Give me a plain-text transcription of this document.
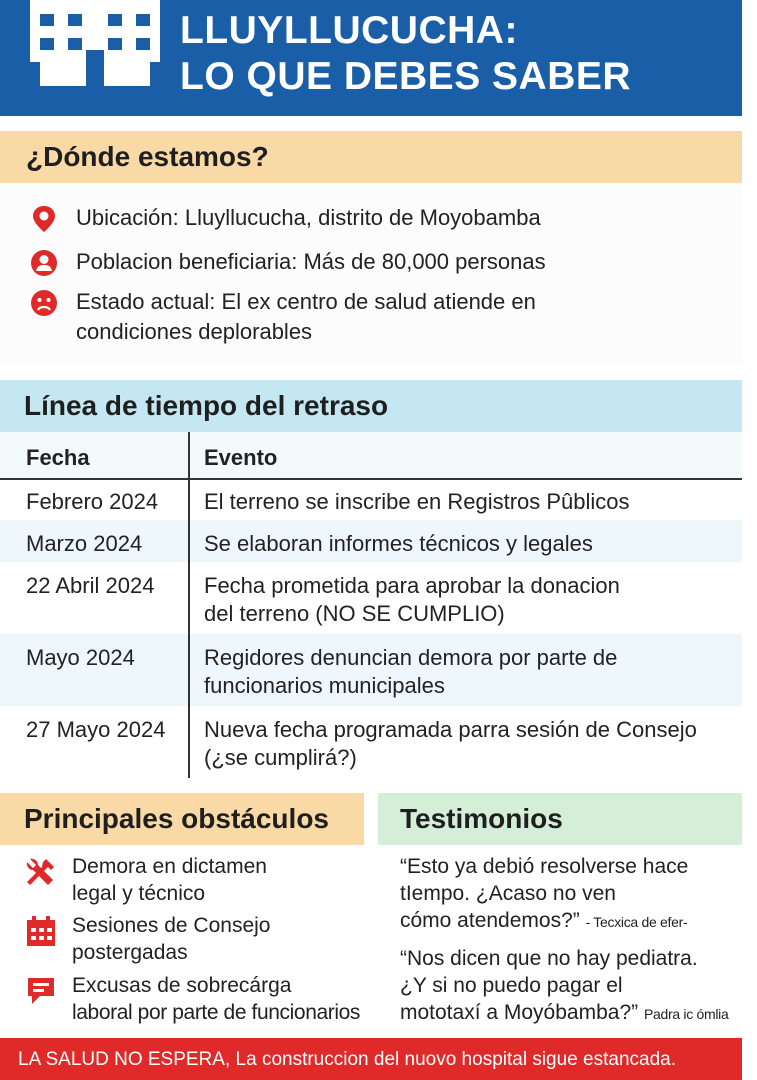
LLUYLLUCUCHA:
LO QUE DEBES SABER
¿Dónde estamos?
Ubicación: Lluyllucucha, distrito de Moyobamba
Poblacion beneficiaria: Más de 80,000 personas
Estado actual: El ex centro de salud atiende en
condiciones deplorables
Línea de tiempo del retraso
Fecha	Evento
Febrero 2024 El terreno se inscribe en Registros Pûblicos
Marzo 2024	Se elaboran informes técnicos y legales
22 Abril 2024 Fecha prometida para aprobar la donacion
del terreno (NO SE CUMPLIO)
Mayo 2024	Regidores denuncian demora por parte de
funcionarios municipales
27 Mayo 2024 Nueva fecha programada parra sesión de Consejo
(¿se cumplirá?)
Principales obstáculos
Demora en dictamen
legal y técnico
Sesiones de Consejo
postergadas
Excusas de sobrecárga
laboral por parte de funcionarios
Testimonios
“Esto ya debió resolverse hace
tIempo. ¿Acaso no ven
cómo atendemos?” - Tecxica de efer-
“Nos dicen que no hay pediatra.
¿Y si no puedo pagar el
mototaxí a Moyóbamba?” Padra ic ómlia
LA SALUD NO ESPERA, La construccion del nuovo hospital sigue estancada.
